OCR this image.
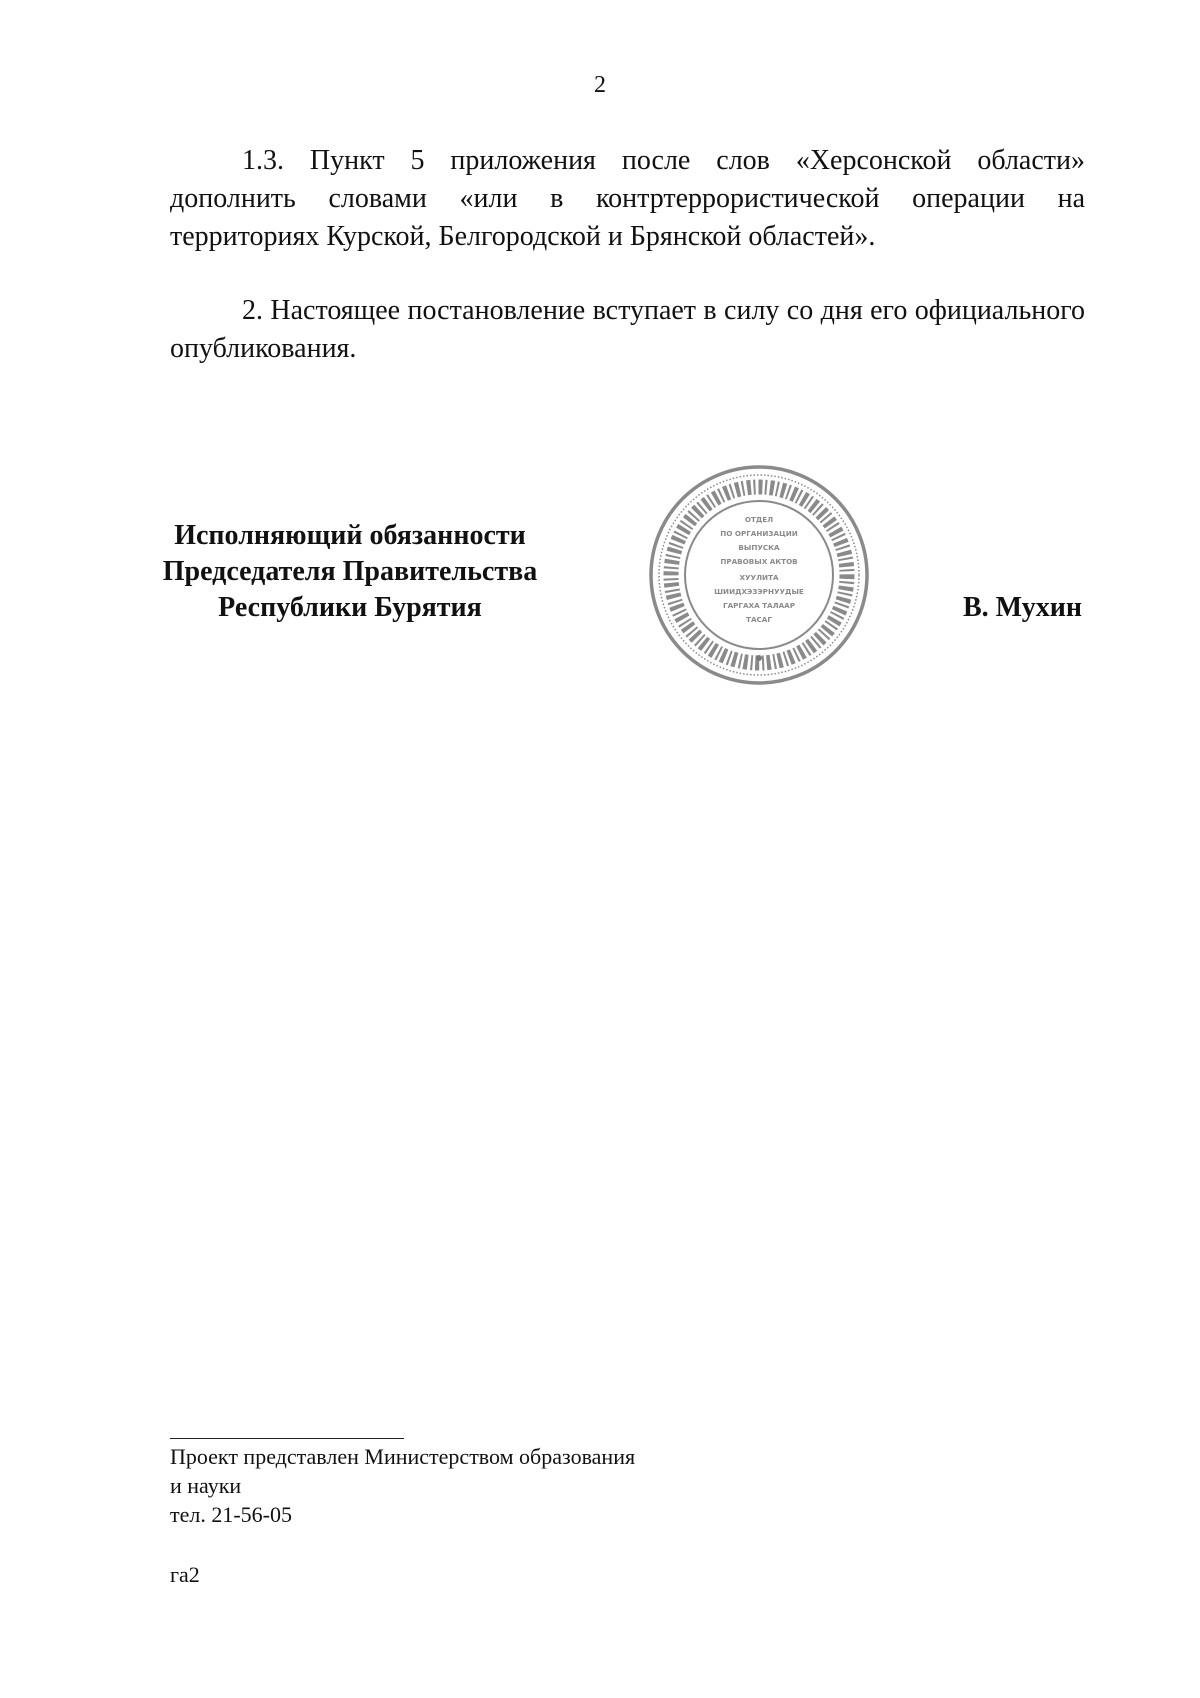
2

1.3. Пункт 5 приложения после слов «Херсонской области» дополнить словами «или в контртеррористической операции на территориях Курской, Белгородской и Брянской областей».

2. Настоящее постановление вступает в силу со дня его официального опубликования.

Исполняющий обязанности
Председателя Правительства
Республики Бурятия
ОТДЕЛ
ПО ОРГАНИЗАЦИИ
ВЫПУСКА
ПРАВОВЫХ АКТОВ
ХУУЛИТА
ШИИДХЭЗЭРНУУДЫЕ
ГАРГАХА ТАЛААР
ТАСАГ	В. Мухин
Проект представлен Министерством образования
и науки
тел. 21-56-05
га2
